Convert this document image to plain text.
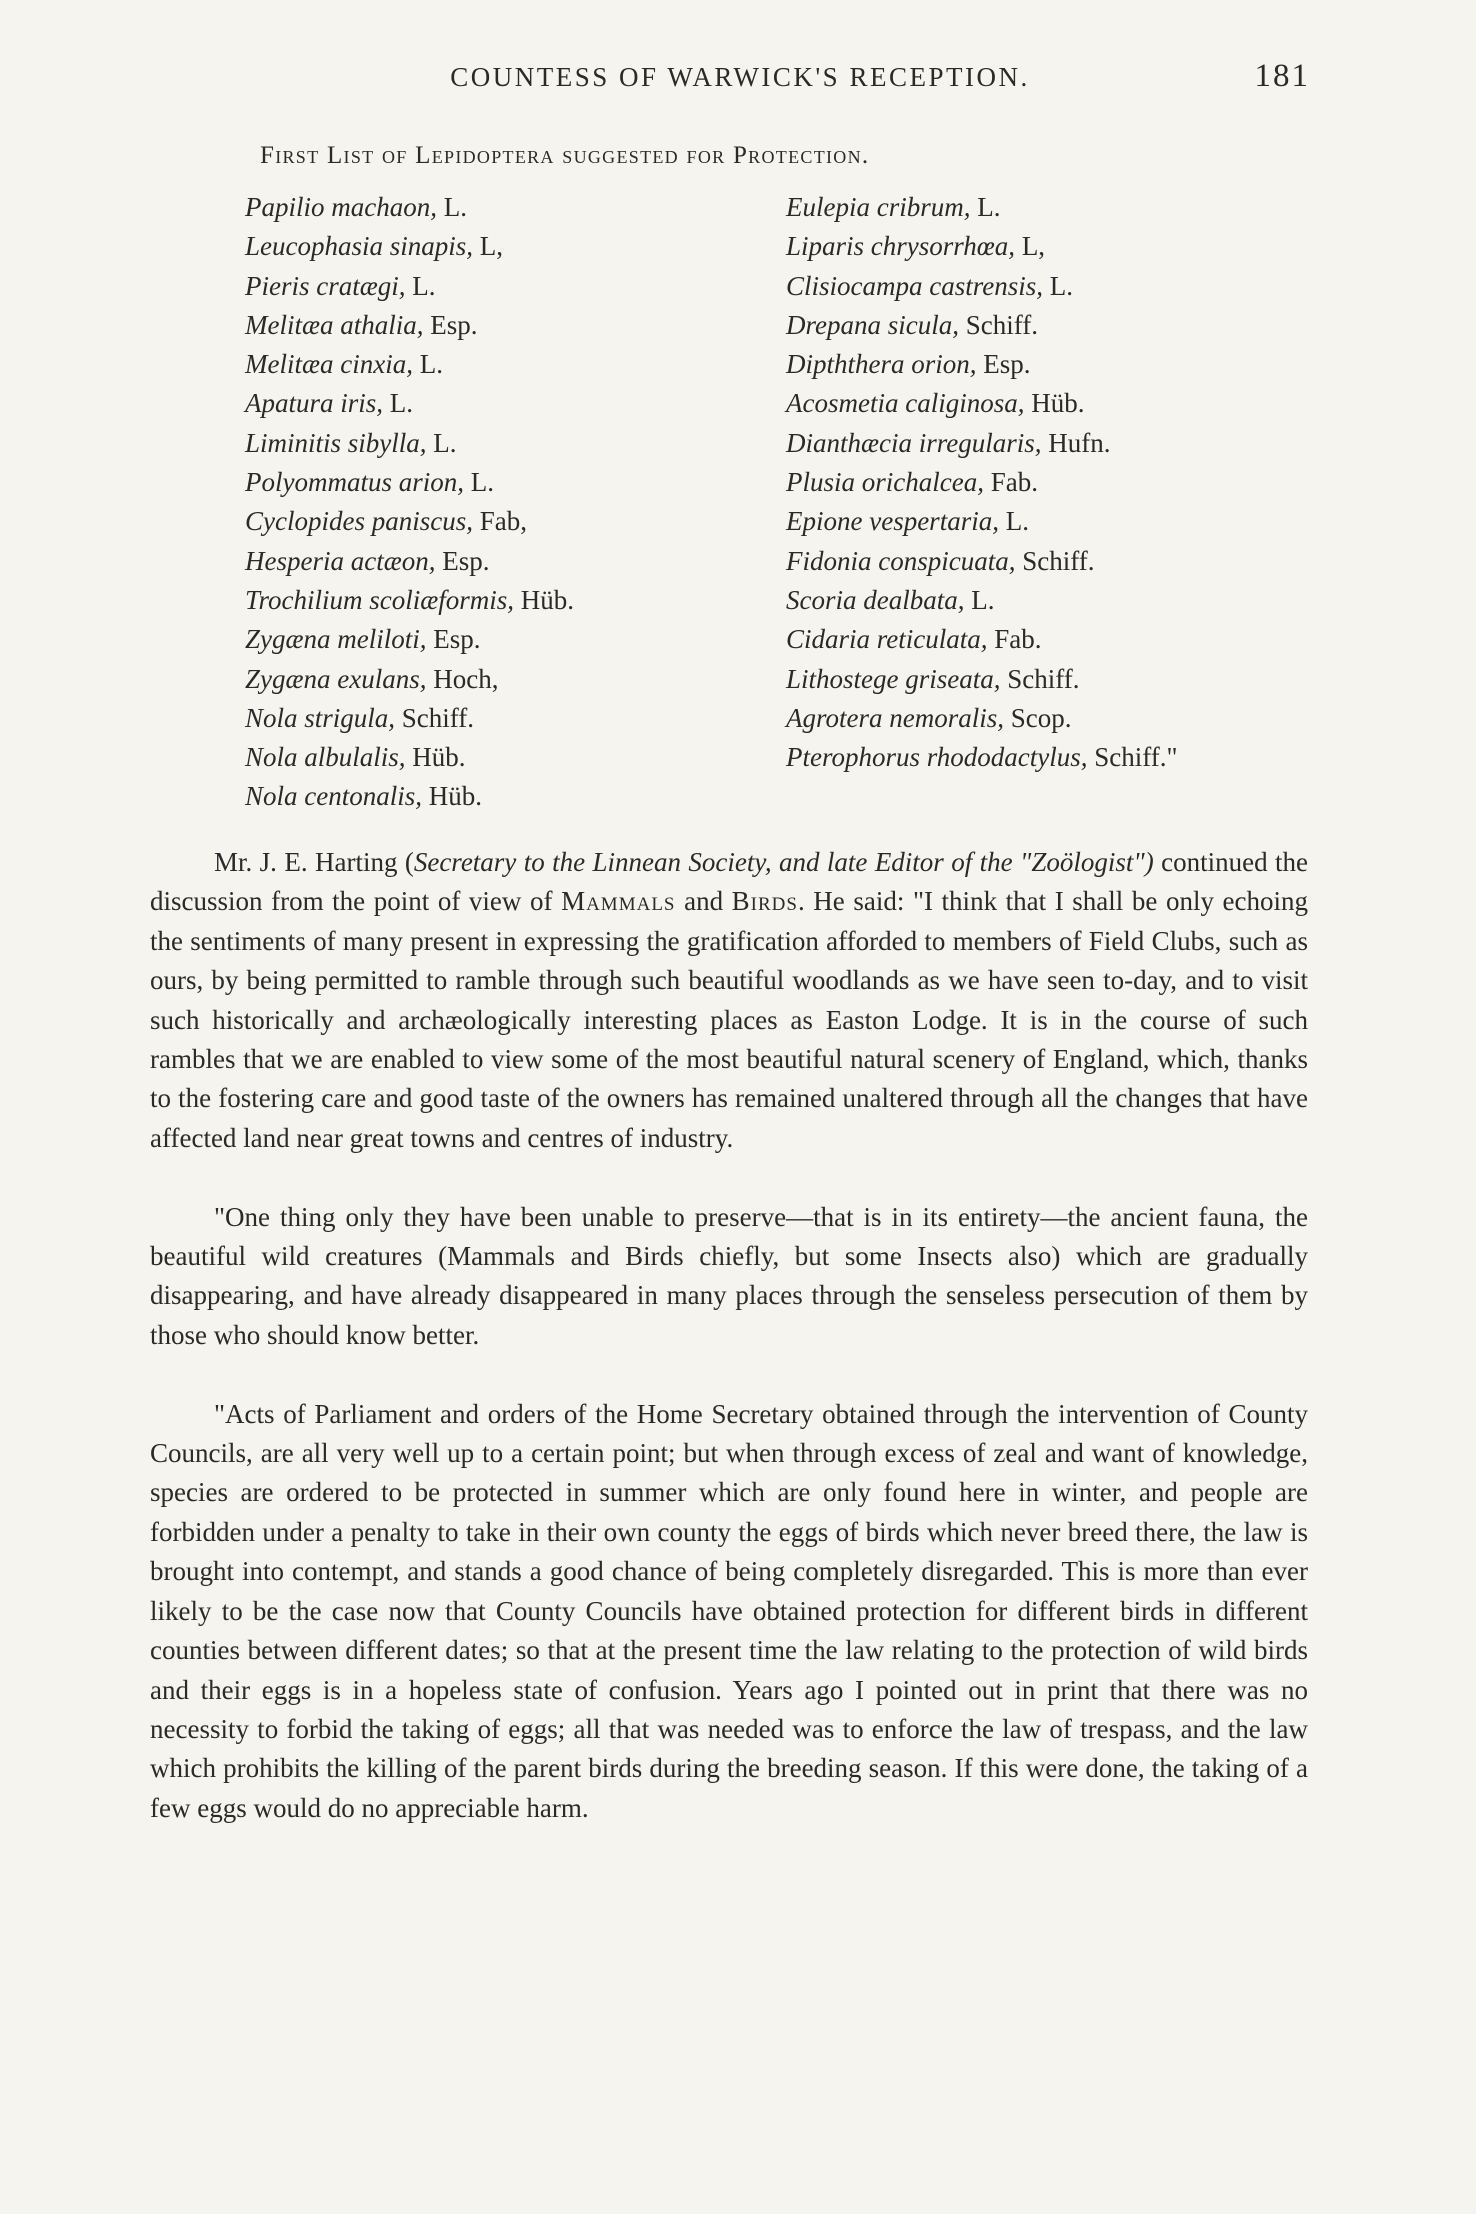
COUNTESS OF WARWICK'S RECEPTION.	181
First List of Lepidoptera suggested for Protection.
Papilio machaon, L.
Leucophasia sinapis, L,
Pieris cratægi, L.
Melitæa athalia, Esp.
Melitæa cinxia, L.
Apatura iris, L.
Liminitis sibylla, L.
Polyommatus arion, L.
Cyclopides paniscus, Fab,
Hesperia actæon, Esp.
Trochilium scoliæformis, Hüb.
Zygæna meliloti, Esp.
Zygæna exulans, Hoch,
Nola strigula, Schiff.
Nola albulalis, Hüb.
Nola centonalis, Hüb.
Eulepia cribrum, L.
Liparis chrysorrhœa, L,
Clisiocampa castrensis, L.
Drepana sicula, Schiff.
Dipththera orion, Esp.
Acosmetia caliginosa, Hüb.
Dianthæcia irregularis, Hufn.
Plusia orichalcea, Fab.
Epione vespertaria, L.
Fidonia conspicuata, Schiff.
Scoria dealbata, L.
Cidaria reticulata, Fab.
Lithostege griseata, Schiff.
Agrotera nemoralis, Scop.
Pterophorus rhododactylus, Schiff."

Mr. J. E. Harting (Secretary to the Linnean Society, and late Editor of the "Zoölogist") continued the discussion from the point of view of Mammals and Birds. He said: "I think that I shall be only echoing the sentiments of many present in expressing the gratification afforded to members of Field Clubs, such as ours, by being permitted to ramble through such beautiful woodlands as we have seen to-day, and to visit such historically and archæologically interesting places as Easton Lodge. It is in the course of such rambles that we are enabled to view some of the most beautiful natural scenery of England, which, thanks to the fostering care and good taste of the owners has remained unaltered through all the changes that have affected land near great towns and centres of industry.

"One thing only they have been unable to preserve—that is in its entirety—the ancient fauna, the beautiful wild creatures (Mammals and Birds chiefly, but some Insects also) which are gradually disappearing, and have already disappeared in many places through the senseless persecution of them by those who should know better.

"Acts of Parliament and orders of the Home Secretary obtained through the intervention of County Councils, are all very well up to a certain point; but when through excess of zeal and want of knowledge, species are ordered to be protected in summer which are only found here in winter, and people are forbidden under a penalty to take in their own county the eggs of birds which never breed there, the law is brought into contempt, and stands a good chance of being completely disregarded. This is more than ever likely to be the case now that County Councils have obtained protection for different birds in different counties between different dates; so that at the present time the law relating to the protection of wild birds and their eggs is in a hopeless state of confusion. Years ago I pointed out in print that there was no necessity to forbid the taking of eggs; all that was needed was to enforce the law of trespass, and the law which prohibits the killing of the parent birds during the breeding season. If this were done, the taking of a few eggs would do no appreciable harm.
